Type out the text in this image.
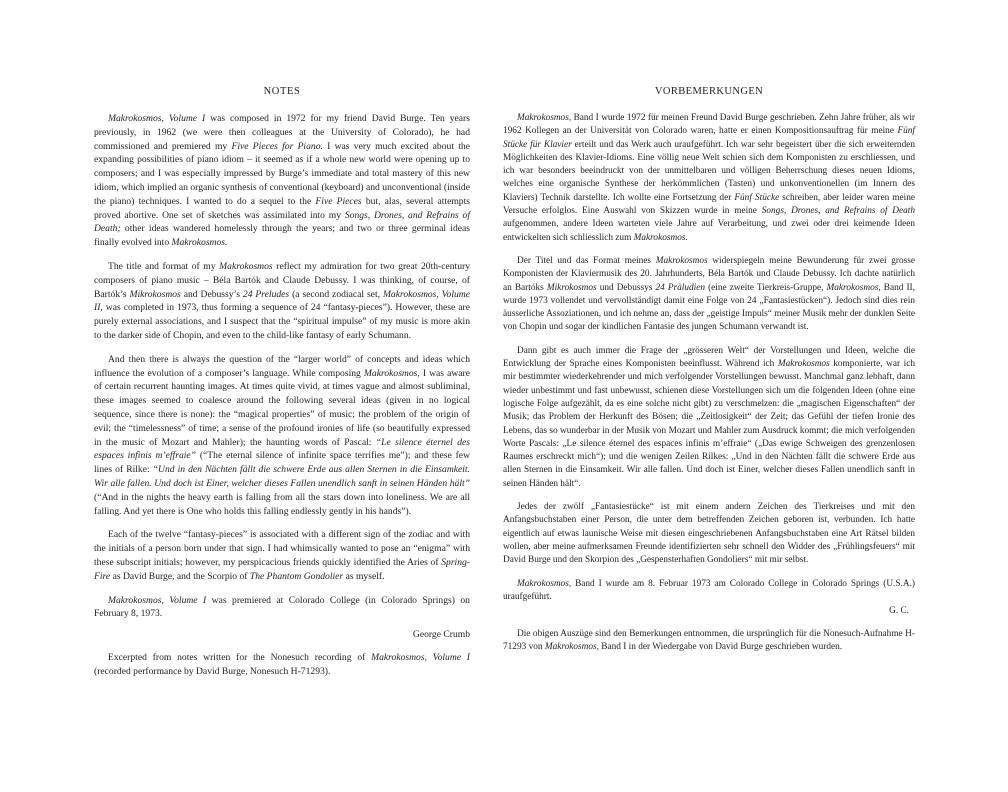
NOTES

Makrokosmos, Volume I was composed in 1972 for my friend David Burge. Ten years previously, in 1962 (we were then colleagues at the University of Colorado), he had commissioned and premiered my Five Pieces for Piano. I was very much excited about the expanding possibilities of piano idiom – it seemed as if a whole new world were opening up to composers; and I was especially impressed by Burge’s immediate and total mastery of this new idiom, which implied an organic synthesis of conventional (keyboard) and unconventional (inside the piano) techniques. I wanted to do a sequel to the Five Pieces but, alas, several attempts proved abortive. One set of sketches was assimilated into my Songs, Drones, and Refrains of Death; other ideas wandered homelessly through the years; and two or three germinal ideas finally evolved into Makrokosmos.

The title and format of my Makrokosmos reflect my admiration for two great 20th-century composers of piano music – Béla Bartók and Claude Debussy. I was thinking, of course, of Bartók’s Mikrokosmos and Debussy’s 24 Preludes (a second zodiacal set, Makrokosmos, Volume II, was completed in 1973, thus forming a sequence of 24 “fantasy-pieces”). However, these are purely external associations, and I suspect that the “spiritual impulse” of my music is more akin to the darker side of Chopin, and even to the child-like fantasy of early Schumann.

And then there is always the question of the “larger world” of concepts and ideas which influence the evolution of a composer’s language. While composing Makrokosmos, I was aware of certain recurrent haunting images. At times quite vivid, at times vague and almost subliminal, these images seemed to coalesce around the following several ideas (given in no logical sequence, since there is none): the “magical properties” of music; the problem of the origin of evil; the “timelessness” of time; a sense of the profound ironies of life (so beautifully expressed in the music of Mozart and Mahler); the haunting words of Pascal: “Le silence éternel des espaces infinis m’effraie” (“The eternal silence of infinite space terrifies me”); and these few lines of Rilke: “Und in den Nächten fällt die schwere Erde aus allen Sternen in die Einsamkeit. Wir alle fallen. Und doch ist Einer, welcher dieses Fallen unendlich sanft in seinen Händen hält” (“And in the nights the heavy earth is falling from all the stars down into loneliness. We are all falling. And yet there is One who holds this falling endlessly gently in his hands”).

Each of the twelve “fantasy-pieces” is associated with a different sign of the zodiac and with the initials of a person born under that sign. I had whimsically wanted to pose an “enigma” with these subscript initials; however, my perspicacious friends quickly identified the Aries of Spring-Fire as David Burge, and the Scorpio of The Phantom Gondolier as myself.

Makrokosmos, Volume I was premiered at Colorado College (in Colorado Springs) on February 8, 1973.

George Crumb

Excerpted from notes written for the Nonesuch recording of Makrokosmos, Volume I (recorded performance by David Burge, Nonesuch H-71293).

VORBEMERKUNGEN

Makrokosmos, Band I wurde 1972 für meinen Freund David Burge geschrieben. Zehn Jahre früher, als wir 1962 Kollegen an der Universität von Colorado waren, hatte er einen Kompositionsauftrag für meine Fünf Stücke für Klavier erteilt und das Werk auch uraufgeführt. Ich war sehr begeistert über die sich erweiternden Möglichkeiten des Klavier-Idioms. Eine völlig neue Welt schien sich dem Komponisten zu erschliessen, und ich war besonders beeindruckt von der unmittelbaren und völligen Beherrschung dieses neuen Idioms, welches eine organische Synthese der herkömmlichen (Tasten) und unkonventionellen (im Innern des Klaviers) Technik darstellte. Ich wollte eine Fortsetzung der Fünf Stücke schreiben, aber leider waren meine Versuche erfolglos. Eine Auswahl von Skizzen wurde in meine Songs, Drones, and Refrains of Death aufgenommen, andere Ideen warteten viele Jahre auf Verarbeitung, und zwei oder drei keimende Ideen entwickelten sich schliesslich zum Makrokosmos.

Der Titel und das Format meines Makrokosmos widerspiegeln meine Bewunderung für zwei grosse Komponisten der Klaviermusik des 20. Jahrhunderts, Béla Bartók und Claude Debussy. Ich dachte natürlich an Bartóks Mikrokosmos und Debussys 24 Präludien (eine zweite Tierkreis-Gruppe, Makrokosmos, Band II, wurde 1973 vollendet und vervollständigt damit eine Folge von 24 „Fantasiestücken“). Jedoch sind dies rein äusserliche Assoziationen, und ich nehme an, dass der „geistige Impuls“ meiner Musik mehr der dunklen Seite von Chopin und sogar der kindlichen Fantasie des jungen Schumann verwandt ist.

Dann gibt es auch immer die Frage der „grösseren Welt“ der Vorstellungen und Ideen, welche die Entwicklung der Sprache eines Komponisten beeinflusst. Während ich Makrokosmos komponierte, war ich mir bestimmter wiederkehrender und mich verfolgender Vorstellungen bewusst. Manchmal ganz lebhaft, dann wieder unbestimmt und fast unbewusst, schienen diese Vorstellungen sich um die folgenden Ideen (ohne eine logische Folge aufgezählt, da es eine solche nicht gibt) zu verschmelzen: die „magischen Eigenschaften“ der Musik; das Problem der Herkunft des Bösen; die „Zeitlosigkeit“ der Zeit; das Gefühl der tiefen Ironie des Lebens, das so wunderbar in der Musik von Mozart und Mahler zum Ausdruck kommt; die mich verfolgenden Worte Pascals: „Le silence éternel des espaces infinis m’effraie“ („Das ewige Schweigen des grenzenlosen Raumes erschreckt mich“); und die wenigen Zeilen Rilkes: „Und in den Nächten fällt die schwere Erde aus allen Sternen in die Einsamkeit. Wir alle fallen. Und doch ist Einer, welcher dieses Fallen unendlich sanft in seinen Händen hält“.

Jedes der zwölf „Fantasiestücke“ ist mit einem andern Zeichen des Tierkreises und mit den Anfangsbuchstaben einer Person, die unter dem betreffenden Zeichen geboren ist, verbunden. Ich hatte eigentlich auf etwas launische Weise mit diesen eingeschriebenen Anfangsbuchstaben eine Art Rätsel bilden wollen, aber meine aufmerksamen Freunde identifizierten sehr schnell den Widder des „Frühlingsfeuers“ mit David Burge und den Skorpion des „Gespensterhaften Gondoliers“ mit mir selbst.

Makrokosmos, Band I wurde am 8. Februar 1973 am Colorado College in Colorado Springs (U.S.A.) uraufgeführt.

G. C.

Die obigen Auszüge sind den Bemerkungen entnommen, die ursprünglich für die Nonesuch-Aufnahme H-71293 von Makrokosmos, Band I in der Wiedergabe von David Burge geschrieben wurden.
